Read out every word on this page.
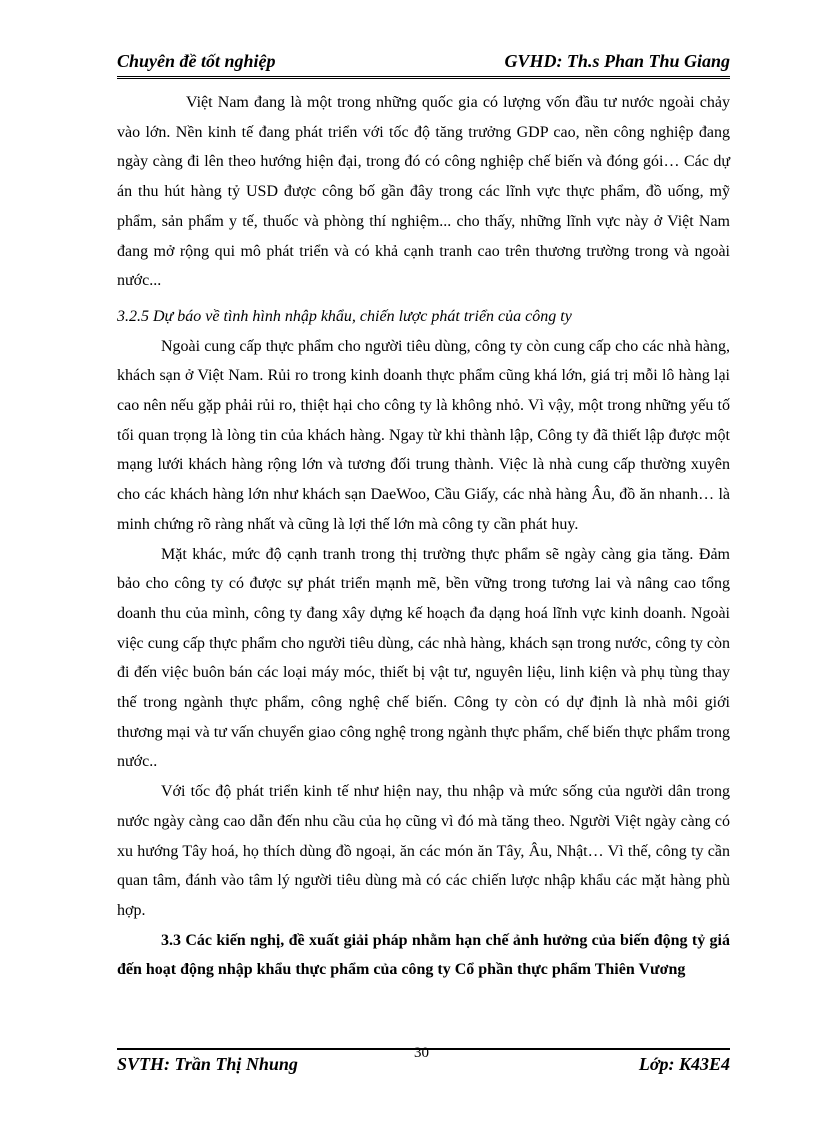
Chuyên đề tốt nghiệp	GVHD: Th.s Phan Thu Giang

Việt Nam đang là một trong những quốc gia có lượng vốn đầu tư nước ngoài chảy vào lớn. Nền kinh tế đang phát triển với tốc độ tăng trưởng GDP cao, nền công nghiệp đang ngày càng đi lên theo hướng hiện đại, trong đó có công nghiệp chế biến và đóng gói… Các dự án thu hút hàng tỷ USD được công bố gần đây trong các lĩnh vực thực phẩm, đồ uống, mỹ phẩm, sản phẩm y tế, thuốc và phòng thí nghiệm... cho thấy, những lĩnh vực này ở Việt Nam đang mở rộng qui mô phát triển và có khả cạnh tranh cao trên thương trường trong và ngoài nước...

3.2.5 Dự báo về tình hình nhập khẩu, chiến lược phát triển của công ty

Ngoài cung cấp thực phẩm cho người tiêu dùng, công ty còn cung cấp cho các nhà hàng, khách sạn ở Việt Nam. Rủi ro trong kinh doanh thực phẩm cũng khá lớn, giá trị mỗi lô hàng lại cao nên nếu gặp phải rủi ro, thiệt hại cho công ty là không nhỏ. Vì vậy, một trong những yếu tố tối quan trọng là lòng tin của khách hàng. Ngay từ khi thành lập, Công ty đã thiết lập được một mạng lưới khách hàng rộng lớn và tương đối trung thành. Việc là nhà cung cấp thường xuyên cho các khách hàng lớn như khách sạn DaeWoo, Cầu Giấy, các nhà hàng Âu, đồ ăn nhanh… là minh chứng rõ ràng nhất và cũng là lợi thế lớn mà công ty cần phát huy.

Mặt khác, mức độ cạnh tranh trong thị trường thực phẩm sẽ ngày càng gia tăng. Đảm bảo cho công ty có được sự phát triển mạnh mẽ, bền vững trong tương lai và nâng cao tổng doanh thu của mình, công ty đang xây dựng kế hoạch đa dạng hoá lĩnh vực kinh doanh. Ngoài việc cung cấp thực phẩm cho người tiêu dùng, các nhà hàng, khách sạn trong nước, công ty còn đi đến việc buôn bán các loại máy móc, thiết bị vật tư, nguyên liệu, linh kiện và phụ tùng thay thế trong ngành thực phẩm, công nghệ chế biến. Công ty còn có dự định là nhà môi giới thương mại và tư vấn chuyển giao công nghệ trong ngành thực phẩm, chế biến thực phẩm trong nước..

Với tốc độ phát triển kinh tế như hiện nay, thu nhập và mức sống của người dân trong nước ngày càng cao dẫn đến nhu cầu của họ cũng vì đó mà tăng theo. Người Việt ngày càng có xu hướng Tây hoá, họ thích dùng đồ ngoại, ăn các món ăn Tây, Âu, Nhật… Vì thế, công ty cần quan tâm, đánh vào tâm lý người tiêu dùng mà có các chiến lược nhập khẩu các mặt hàng phù hợp.

3.3 Các kiến nghị, đề xuất giải pháp nhằm hạn chế ảnh hưởng của biến động tỷ giá đến hoạt động nhập khẩu thực phẩm của công ty Cổ phần thực phẩm Thiên Vương

SVTH: Trần Thị Nhung
30
Lớp: K43E4
